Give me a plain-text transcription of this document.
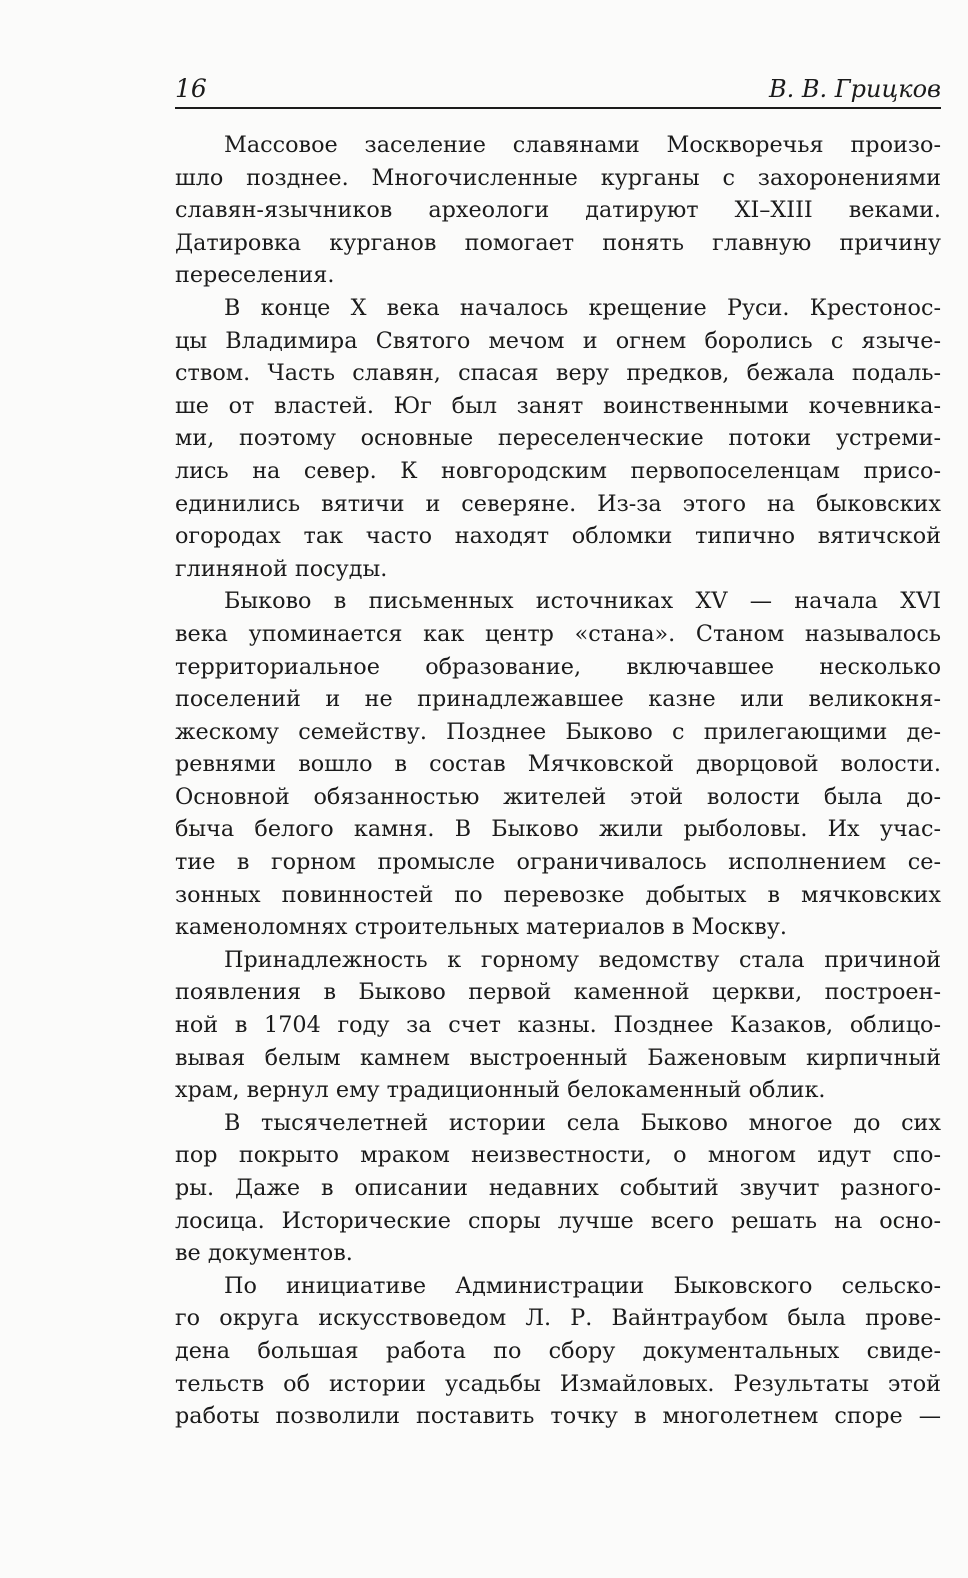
16	В. В. Грицков
Массовое заселение славянами Москворечья произо-
шло позднее. Многочисленные курганы с захоронениями
славян-язычников археологи датируют XI–XIII веками.
Датировка курганов помогает понять главную причину
переселения.
В конце X века началось крещение Руси. Крестонос-
цы Владимира Святого мечом и огнем боролись с языче-
ством. Часть славян, спасая веру предков, бежала подаль-
ше от властей. Юг был занят воинственными кочевника-
ми, поэтому основные переселенческие потоки устреми-
лись на север. К новгородским первопоселенцам присо-
единились вятичи и северяне. Из-за этого на быковских
огородах так часто находят обломки типично вятичской
глиняной посуды.
Быково в письменных источниках XV — начала XVI
века упоминается как центр «стана». Станом называлось
территориальное образование, включавшее несколько
поселений и не принадлежавшее казне или великокня-
жескому семейству. Позднее Быково с прилегающими де-
ревнями вошло в состав Мячковской дворцовой волости.
Основной обязанностью жителей этой волости была до-
быча белого камня. В Быково жили рыболовы. Их учас-
тие в горном промысле ограничивалось исполнением се-
зонных повинностей по перевозке добытых в мячковских
каменоломнях строительных материалов в Москву.
Принадлежность к горному ведомству стала причиной
появления в Быково первой каменной церкви, построен-
ной в 1704 году за счет казны. Позднее Казаков, облицо-
вывая белым камнем выстроенный Баженовым кирпичный
храм, вернул ему традиционный белокаменный облик.
В тысячелетней истории села Быково многое до сих
пор покрыто мраком неизвестности, о многом идут спо-
ры. Даже в описании недавних событий звучит разного-
лосица. Исторические споры лучше всего решать на осно-
ве документов.
По инициативе Администрации Быковского сельско-
го округа искусствоведом Л. Р. Вайнтраубом была прове-
дена большая работа по сбору документальных свиде-
тельств об истории усадьбы Измайловых. Результаты этой
работы позволили поставить точку в многолетнем споре —
